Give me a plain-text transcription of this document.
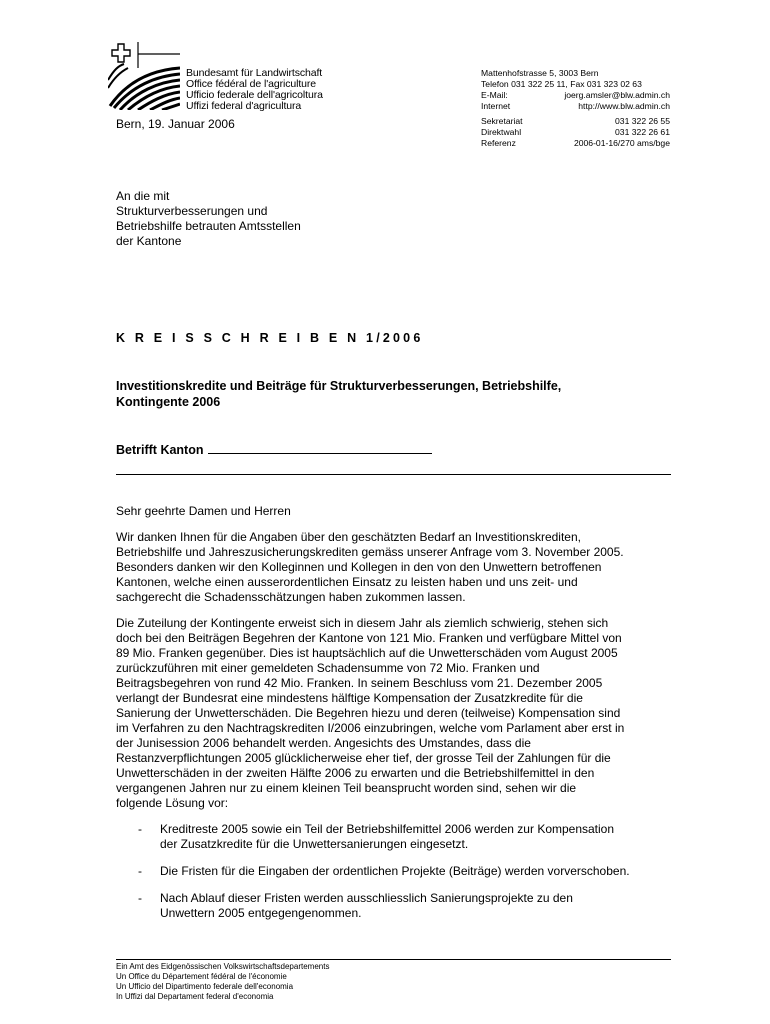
Bundesamt für Landwirtschaft
Office fédéral de l'agriculture
Ufficio federale dell'agricoltura
Uffizi federal d'agricultura
Mattenhofstrasse 5, 3003 Bern
Telefon 031 322 25 11, Fax 031 323 02 63
E-Mail:	joerg.amsler@blw.admin.ch
Internet	http://www.blw.admin.ch
Sekretariat	031 322 26 55
Direktwahl	031 322 26 61
Referenz	2006-01-16/270 ams/bge
Bern, 19. Januar 2006
An die mit
Strukturverbesserungen und
Betriebshilfe betrauten Amtsstellen
der Kantone
K R E I S S C H R E I B E N 1/2006
Investitionskredite und Beiträge für Strukturverbesserungen, Betriebshilfe,
Kontingente 2006
Betrifft Kanton

Sehr geehrte Damen und Herren

Wir danken Ihnen für die Angaben über den geschätzten Bedarf an Investitionskrediten,
Betriebshilfe und Jahreszusicherungskrediten gemäss unserer Anfrage vom 3. November 2005.
Besonders danken wir den Kolleginnen und Kollegen in den von den Unwettern betroffenen
Kantonen, welche einen ausserordentlichen Einsatz zu leisten haben und uns zeit- und
sachgerecht die Schadensschätzungen haben zukommen lassen.

Die Zuteilung der Kontingente erweist sich in diesem Jahr als ziemlich schwierig, stehen sich
doch bei den Beiträgen Begehren der Kantone von 121 Mio. Franken und verfügbare Mittel von
89 Mio. Franken gegenüber. Dies ist hauptsächlich auf die Unwetterschäden vom August 2005
zurückzuführen mit einer gemeldeten Schadensumme von 72 Mio. Franken und
Beitragsbegehren von rund 42 Mio. Franken. In seinem Beschluss vom 21. Dezember 2005
verlangt der Bundesrat eine mindestens hälftige Kompensation der Zusatzkredite für die
Sanierung der Unwetterschäden. Die Begehren hiezu und deren (teilweise) Kompensation sind
im Verfahren zu den Nachtragskrediten I/2006 einzubringen, welche vom Parlament aber erst in
der Junisession 2006 behandelt werden. Angesichts des Umstandes, dass die
Restanzverpflichtungen 2005 glücklicherweise eher tief, der grosse Teil der Zahlungen für die
Unwetterschäden in der zweiten Hälfte 2006 zu erwarten und die Betriebshilfemittel in den
vergangenen Jahren nur zu einem kleinen Teil beansprucht worden sind, sehen wir die
folgende Lösung vor:

-	Kreditreste 2005 sowie ein Teil der Betriebshilfemittel 2006 werden zur Kompensation
der Zusatzkredite für die Unwettersanierungen eingesetzt.
-	Die Fristen für die Eingaben der ordentlichen Projekte (Beiträge) werden vorverschoben.
-	Nach Ablauf dieser Fristen werden ausschliesslich Sanierungsprojekte zu den
Unwettern 2005 entgegengenommen.
Ein Amt des Eidgenössischen Volkswirtschaftsdepartements
Un Office du Département fédéral de l'économie
Un Ufficio del Dipartimento federale dell'economia
In Uffizi dal Departament federal d'economia
